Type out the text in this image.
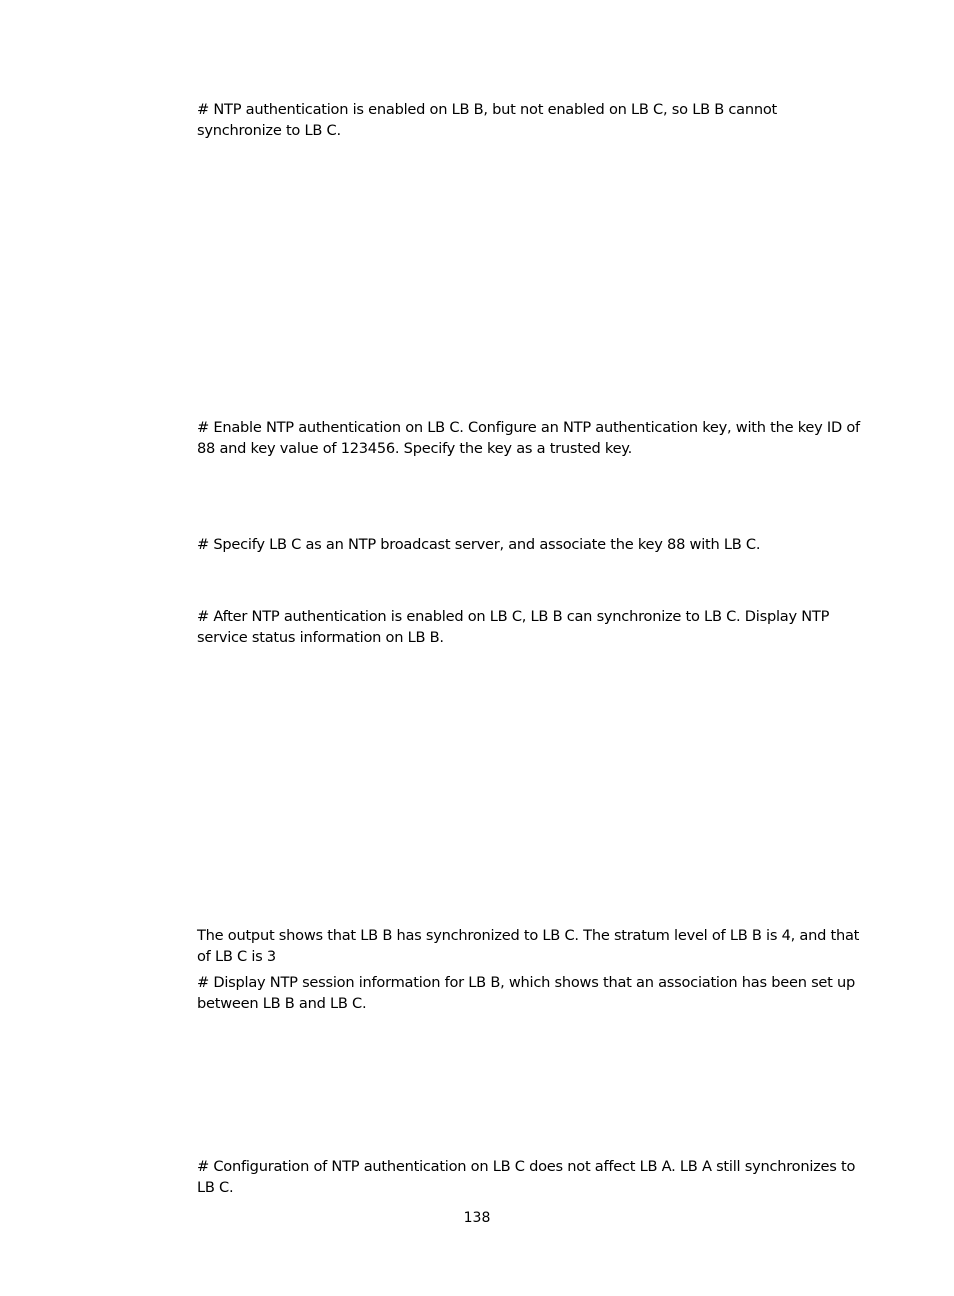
# NTP authentication is enabled on LB B, but not enabled on LB C, so LB B cannot synchronize to LB C.

# Enable NTP authentication on LB C. Configure an NTP authentication key, with the key ID of 88 and key value of 123456. Specify the key as a trusted key.

# Specify LB C as an NTP broadcast server, and associate the key 88 with LB C.

# After NTP authentication is enabled on LB C, LB B can synchronize to LB C. Display NTP service status information on LB B.

The output shows that LB B has synchronized to LB C. The stratum level of LB B is 4, and that of LB C is 3

# Display NTP session information for LB B, which shows that an association has been set up between LB B and LB C.

# Configuration of NTP authentication on LB C does not affect LB A. LB A still synchronizes to LB C.

138
